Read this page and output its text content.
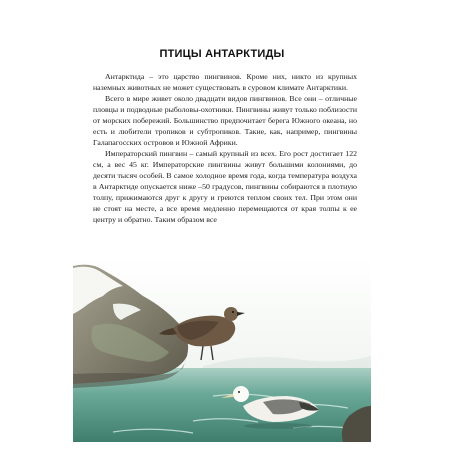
ПТИЦЫ АНТАРКТИДЫ

Антарктида – это царство пингвинов. Кроме них, никто из крупных наземных животных не может существовать в суровом климате Антарктики.

Всего в мире живет около двадцати видов пингвинов. Все они – отличные пловцы и подводные рыболовы-охотники. Пингвины живут только поблизости от морских побережий. Большинство предпочитает берега Южного океана, но есть и любители тропиков и субтропиков. Такие, как, например, пингвины Галапагосских островов и Южной Африки.

Императорский пингвин – самый крупный из всех. Его рост достигает 122 см, а вес 45 кг. Императорские пингвины живут большими колониями, до десяти тысяч особей. В самое холодное время года, когда температура воздуха в Антарктиде опускается ниже –50 градусов, пингвины собираются в плотную толпу, прижимаются друг к другу и греются теплом своих тел. При этом они не стоят на месте, а все время медленно перемещаются от края толпы к ее центру и обратно. Таким образом все
